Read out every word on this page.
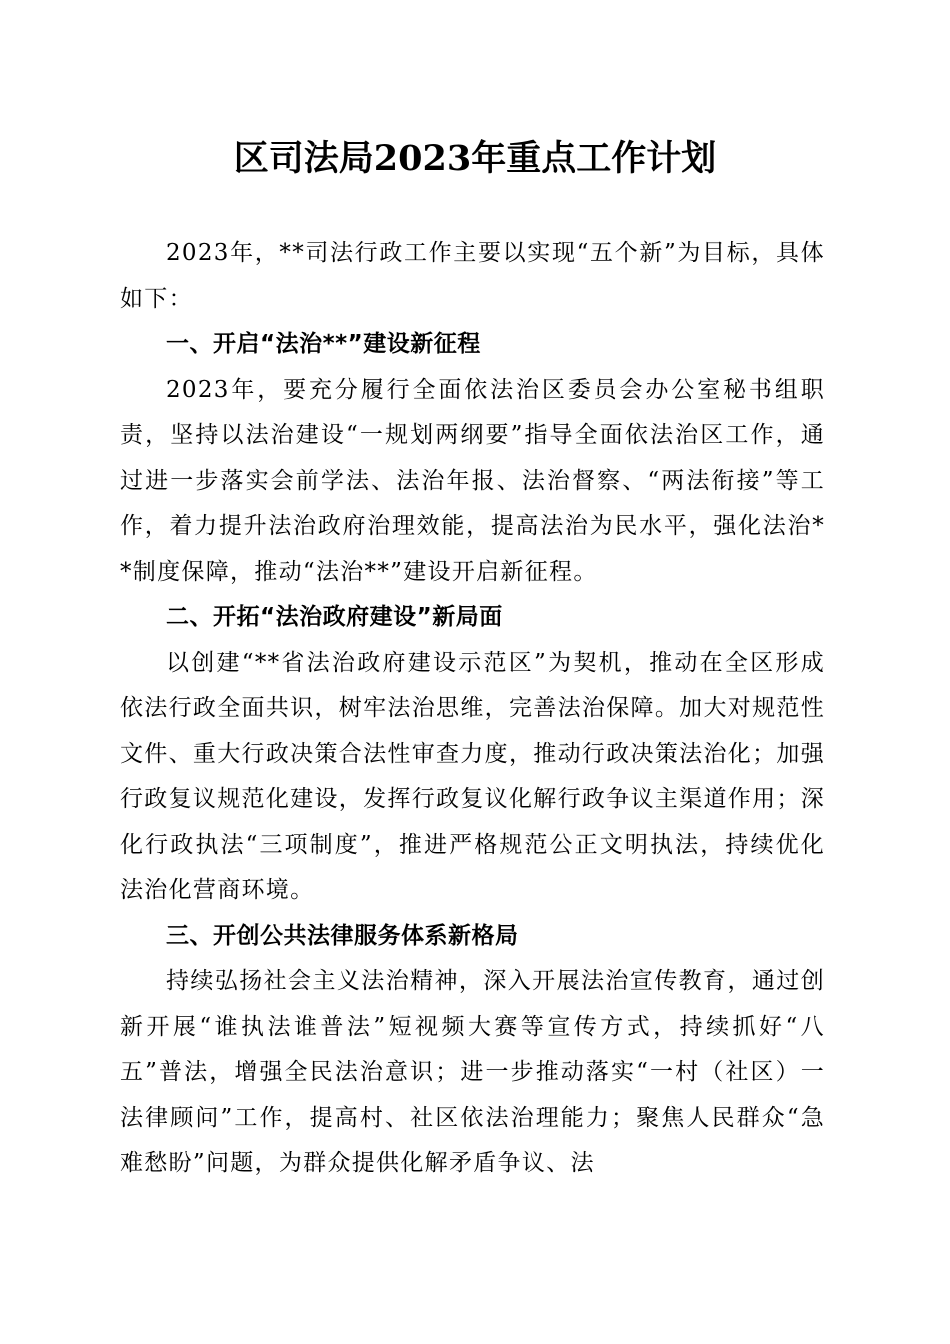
区司法局2023年重点工作计划

2023年，**司法行政工作主要以实现“五个新”为目标，具体如下：

一、开启“法治**”建设新征程

2023年，要充分履行全面依法治区委员会办公室秘书组职责，坚持以法治建设“一规划两纲要”指导全面依法治区工作，通过进一步落实会前学法、法治年报、法治督察、“两法衔接”等工作，着力提升法治政府治理效能，提高法治为民水平，强化法治**制度保障，推动“法治**”建设开启新征程。

二、开拓“法治政府建设”新局面

以创建“**省法治政府建设示范区”为契机，推动在全区形成依法行政全面共识，树牢法治思维，完善法治保障。加大对规范性文件、重大行政决策合法性审查力度，推动行政决策法治化；加强行政复议规范化建设，发挥行政复议化解行政争议主渠道作用；深化行政执法“三项制度”，推进严格规范公正文明执法，持续优化法治化营商环境。

三、开创公共法律服务体系新格局

持续弘扬社会主义法治精神，深入开展法治宣传教育，通过创新开展“谁执法谁普法”短视频大赛等宣传方式，持续抓好“八五”普法，增强全民法治意识；进一步推动落实“一村（社区）一法律顾问”工作，提高村、社区依法治理能力；聚焦人民群众“急难愁盼”问题，为群众提供化解矛盾争议、法
